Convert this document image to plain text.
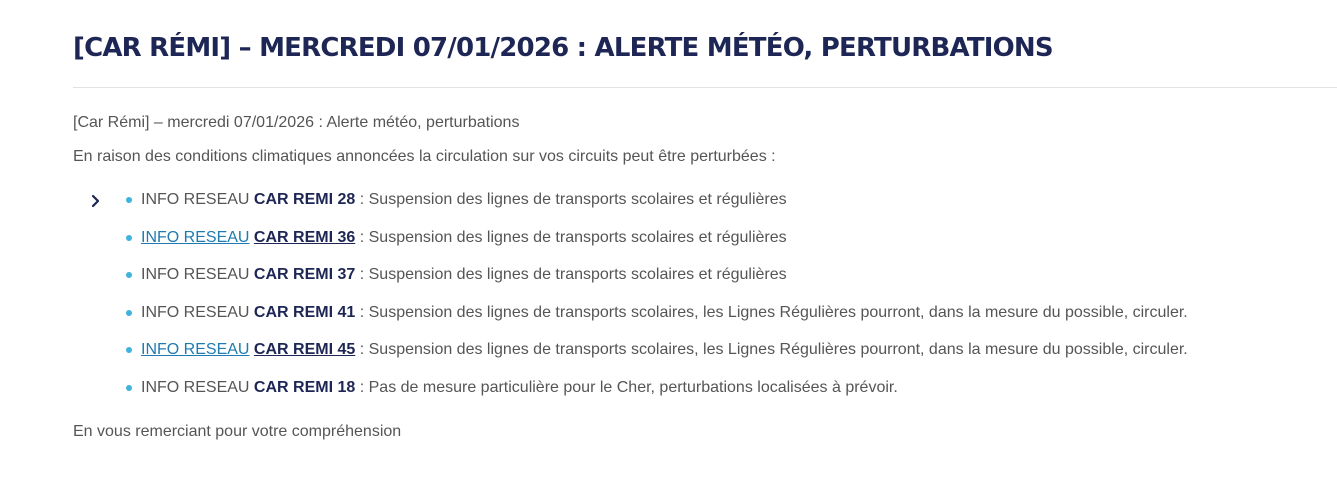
[CAR RÉMI] – MERCREDI 07/01/2026 : ALERTE MÉTÉO, PERTURBATIONS

[Car Rémi] – mercredi 07/01/2026 : Alerte météo, perturbations

En raison des conditions climatiques annoncées la circulation sur vos circuits peut être perturbées :

INFO RESEAU CAR REMI 28 : Suspension des lignes de transports scolaires et régulières
INFO RESEAU CAR REMI 36 : Suspension des lignes de transports scolaires et régulières
INFO RESEAU CAR REMI 37 : Suspension des lignes de transports scolaires et régulières
INFO RESEAU CAR REMI 41 : Suspension des lignes de transports scolaires, les Lignes Régulières pourront, dans la mesure du possible, circuler.
INFO RESEAU CAR REMI 45 : Suspension des lignes de transports scolaires, les Lignes Régulières pourront, dans la mesure du possible, circuler.
INFO RESEAU CAR REMI 18 : Pas de mesure particulière pour le Cher, perturbations localisées à prévoir.

En vous remerciant pour votre compréhension
